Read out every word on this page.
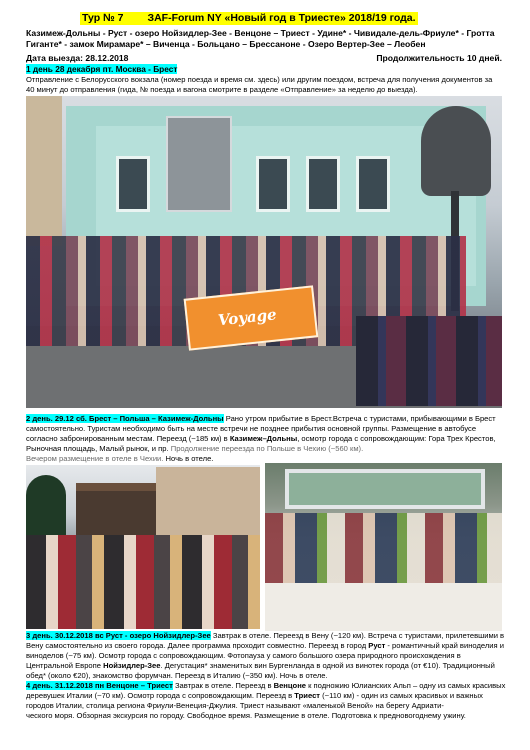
Тур № 7 ЗАF-Forum NY «Новый год в Триесте» 2018/19 года.
Казимеж-Дольны - Руст - озеро Нойзидлер-Зее - Венцоне – Триест - Удине* - Чивидале-дель-Фриуле* - Гротта Гиганте* - замок Мирамаре* – Виченца - Больцано – Брессаноне - Озеро Вертер-Зее – Леобен
Дата выезда: 28.12.2018	Продолжительность 10 дней.
1 день 28 декабря пт. Москва - Брест
Отправление с Белорусского вокзала (номер поезда и время см. здесь) или другим поездом, встреча для получения документов за 40 минут до отправления (гида, № поезда и вагона смотрите в разделе «Отправление» за неделю до выезда).
Voyage
2 день. 29.12 сб. Брест – Польша – Казимеж-Дольны Рано утром прибытие в Брест.Встреча с туристами, прибывающими в Брест самостоятельно. Туристам необходимо быть на месте встречи не позднее прибытия основной группы. Размещение в автобусе согласно забронированным местам. Переезд (~185 км) в Казимеж–Дольны, осмотр города с сопровождающим: Гора Трех Крестов, Рыночная площадь, Малый рынок, и пр. Продолжение переезда по Польше в Чехию (~560 км).
Вечером размещение в отеле в Чехии. Ночь в отеле.
3 день. 30.12.2018 вс Руст - озеро Нойзидлер-Зее Завтрак в отеле. Переезд в Вену (~120 км). Встреча с туристами, прилетевшими в Вену самостоятельно из своего города. Далее программа проходит совместно. Переезд в город Руст - романтичный край виноделия и виноделов (~75 км). Осмотр города с сопровождающим. Фотопауза у самого большого озера природного происхождения в Центральной Европе Нойзидлер-Зее. Дегустация* знаменитых вин Бургенланда в одной из винотек города (от €10). Традиционный обед* (около €20), знакомство форумчан. Переезд в Италию (~350 км). Ночь в отеле.
4 день. 31.12.2018 пн Венцоне – Триест Завтрак в отеле. Переезд в Венцоне к подножию Юлианских Альп – одну из самых красивых деревушек Италии (~70 км). Осмотр города с сопровождающим. Переезд в Триест (~110 км) - один из самых красивых и важных городов Италии, столица региона Фриули-Венеция-Джулия. Триест называют «маленькой Веной» на берегу Адриати-
ческого моря. Обзорная экскурсия по городу. Свободное время. Размещение в отеле. Подготовка к предновогоднему ужину.
